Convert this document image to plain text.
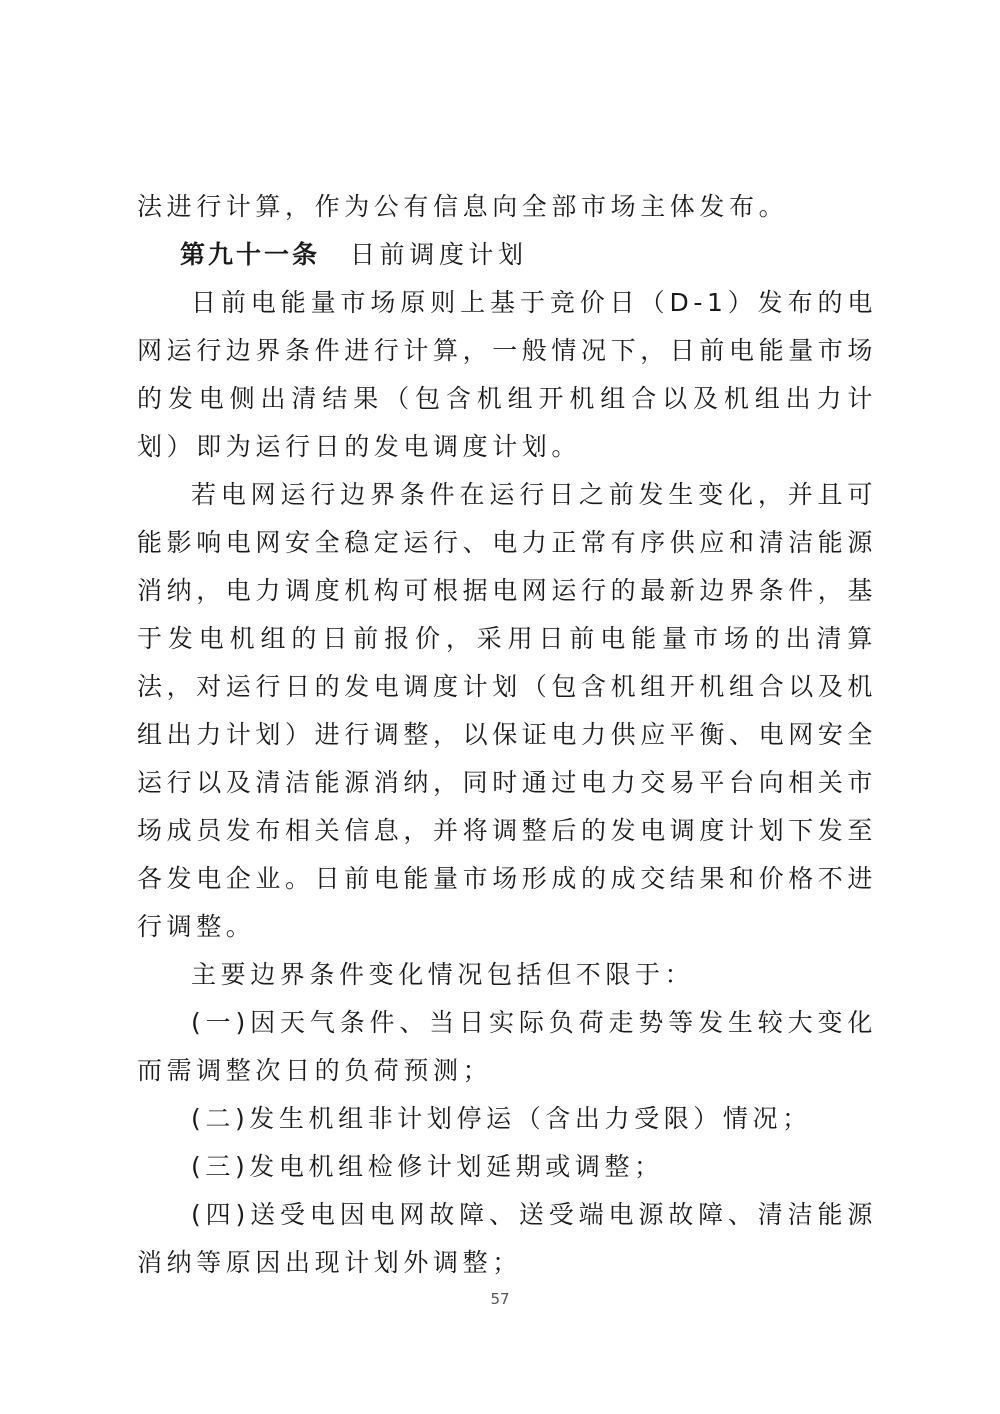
法进行计算，作为公有信息向全部市场主体发布。

第九十一条 日前调度计划

日前电能量市场原则上基于竞价日（D-1）发布的电网运行边界条件进行计算，一般情况下，日前电能量市场的发电侧出清结果（包含机组开机组合以及机组出力计划）即为运行日的发电调度计划。

若电网运行边界条件在运行日之前发生变化，并且可能影响电网安全稳定运行、电力正常有序供应和清洁能源消纳，电力调度机构可根据电网运行的最新边界条件，基于发电机组的日前报价，采用日前电能量市场的出清算法，对运行日的发电调度计划（包含机组开机组合以及机组出力计划）进行调整，以保证电力供应平衡、电网安全运行以及清洁能源消纳，同时通过电力交易平台向相关市场成员发布相关信息，并将调整后的发电调度计划下发至各发电企业。日前电能量市场形成的成交结果和价格不进行调整。

主要边界条件变化情况包括但不限于：

(一)因天气条件、当日实际负荷走势等发生较大变化而需调整次日的负荷预测；

(二)发生机组非计划停运（含出力受限）情况；

(三)发电机组检修计划延期或调整；

(四)送受电因电网故障、送受端电源故障、清洁能源消纳等原因出现计划外调整；

57
